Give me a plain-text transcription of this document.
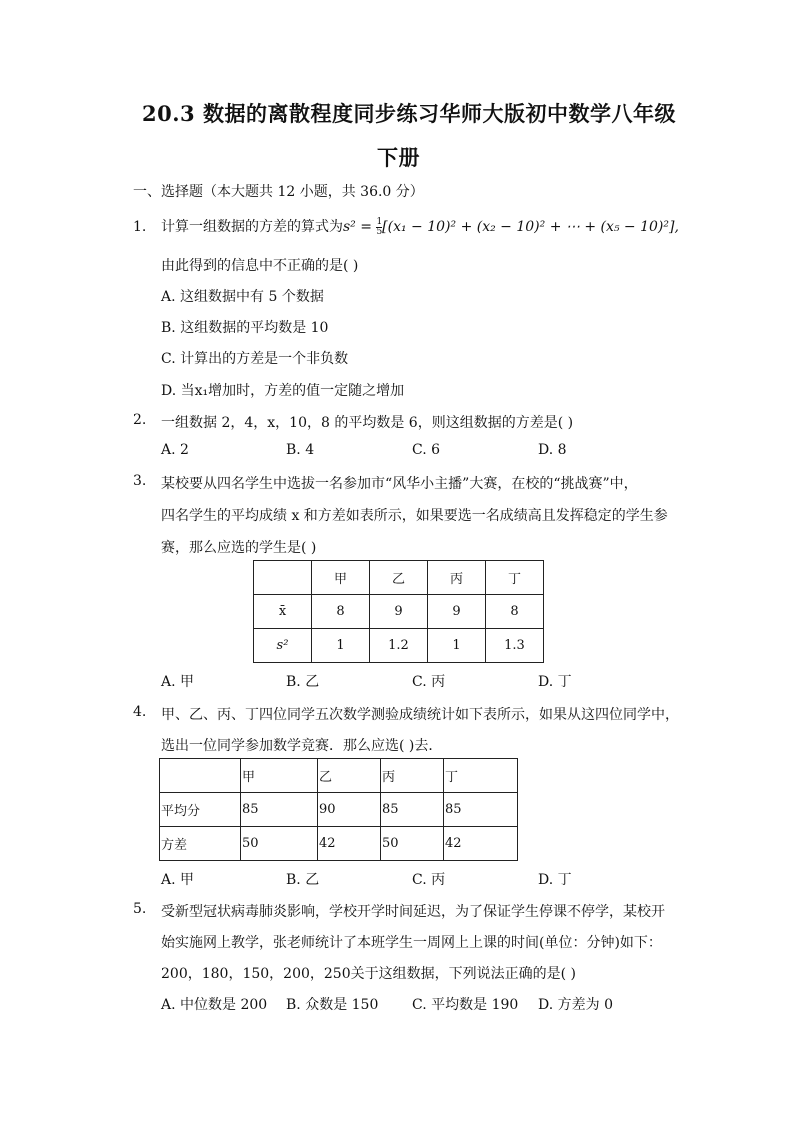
20.3 数据的离散程度同步练习华师大版初中数学八年级
下册
一、选择题（本大题共 12 小题，共 36.0 分）
1. 计算一组数据的方差的算式为$s^2 = \frac{1}{5} [(x_1 - 10)^2 + (x_2 - 10)^2$ + ⋯ + (x₅ − 10)²],
由此得到的信息中不正确的是( )
A. 这组数据中有 5 个数据
B. 这组数据的平均数是 10
C. 计算出的方差是一个非负数
D. 当x₁增加时，方差的值一定随之增加
2. 一组数据 2，4，x，10，8 的平均数是 6，则这组数据的方差是( )
A. 2	B. 4	C. 6	D. 8
3. 某校要从四名学生中选拔一名参加市“风华小主播”大赛，在校的“挑战赛”中，
四名学生的平均成绩 x 和方差如表所示，如果要选一名成绩高且发挥稳定的学生参
赛，那么应选的学生是( )
	甲	乙	丙	丁
x̄	8	9	9	8
s²	1	1.2	1	1.3
A. 甲	B. 乙	C. 丙	D. 丁
4. 甲、乙、丙、丁四位同学五次数学测验成绩统计如下表所示，如果从这四位同学中，
选出一位同学参加数学竞赛．那么应选( )去．
	甲	乙	丙	丁
平均分	85	90	85	85
方差	50	42	50	42
A. 甲	B. 乙	C. 丙	D. 丁
5. 受新型冠状病毒肺炎影响，学校开学时间延迟，为了保证学生停课不停学，某校开
始实施网上教学，张老师统计了本班学生一周网上上课的时间(单位：分钟)如下：
200，180，150，200，250关于这组数据，下列说法正确的是( )
A. 中位数是 200 B. 众数是 150 C. 平均数是 190 D. 方差为 0
